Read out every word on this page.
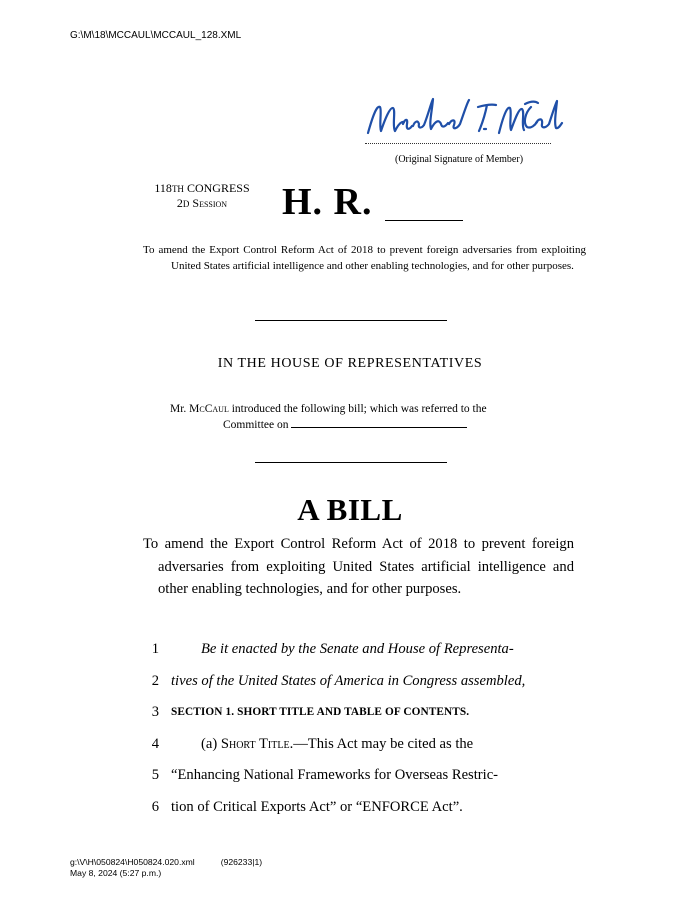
G:\M\18\MCCAUL\MCCAUL_128.XML
(Original Signature of Member)
118TH CONGRESS
2D Session	H. R.
To amend the Export Control Reform Act of 2018 to prevent foreign adversaries from exploiting United States artificial intelligence and other enabling technologies, and for other purposes.
IN THE HOUSE OF REPRESENTATIVES
Mr. McCaul introduced the following bill; which was referred to the
Committee on
A BILL
To amend the Export Control Reform Act of 2018 to prevent foreign adversaries from exploiting United States artificial intelligence and other enabling technologies, and for other purposes.
1	Be it enacted by the Senate and House of Representa-
2 tives of the United States of America in Congress assembled,
3 SECTION 1. SHORT TITLE AND TABLE OF CONTENTS.
4	(a) Short Title.—This Act may be cited as the
5 “Enhancing National Frameworks for Overseas Restric-
6 tion of Critical Exports Act” or “ENFORCE Act”.
g:\V\H\050824\H050824.020.xml	(926233|1)
May 8, 2024 (5:27 p.m.)
